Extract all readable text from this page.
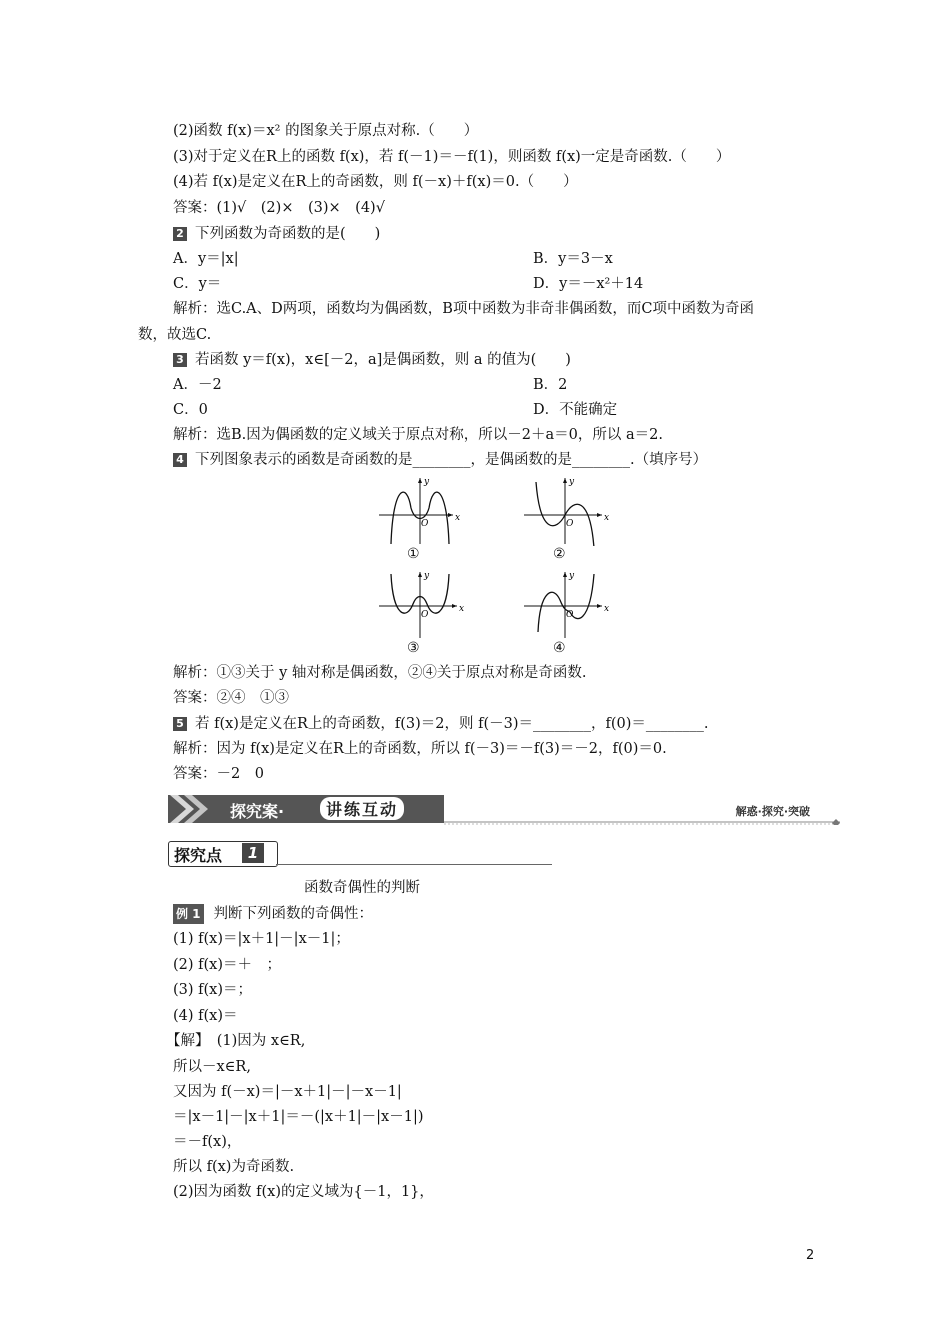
(2)函数 f(x)＝x² 的图象关于原点对称.（　　）
(3)对于定义在R上的函数 f(x)，若 f(－1)＝－f(1)，则函数 f(x)一定是奇函数.（　　）
(4)若 f(x)是定义在R上的奇函数，则 f(－x)＋f(x)＝0.（　　）
答案：(1)√　(2)×　(3)×　(4)√
2 下列函数为奇函数的是(　　)
A．y＝|x|	B．y＝3－x
C．y＝	D．y＝－x²＋14
解析：选C.A、D两项，函数均为偶函数，B项中函数为非奇非偶函数，而C项中函数为奇函
数，故选C.
3 若函数 y＝f(x)，x∈[－2，a]是偶函数，则 a 的值为(　　)
A．－2	B．2
C．0	D．不能确定
解析：选B.因为偶函数的定义域关于原点对称，所以－2＋a＝0，所以 a＝2.
4 下列图象表示的函数是奇函数的是________，是偶函数的是________.（填序号）
y
x
O
①
y
x
O
②
y
x
O
③
y
x
O
④
解析：①③关于 y 轴对称是偶函数，②④关于原点对称是奇函数.
答案：②④　①③
5 若 f(x)是定义在R上的奇函数，f(3)＝2，则 f(－3)＝________，f(0)＝________.
解析：因为 f(x)是定义在R上的奇函数，所以 f(－3)＝－f(3)＝－2，f(0)＝0.
答案：－2　0
探究案·	讲练互动	解惑·探究·突破
探究点	1
函数奇偶性的判断
例 1 判断下列函数的奇偶性：
(1) f(x)＝|x＋1|－|x－1|；
(2) f(x)＝＋　；
(3) f(x)＝；
(4) f(x)＝
【解】　(1)因为 x∈R,
所以－x∈R,
又因为 f(－x)＝|－x＋1|－|－x－1|
＝|x－1|－|x＋1|＝－(|x＋1|－|x－1|)
＝－f(x)，
所以 f(x)为奇函数.
(2)因为函数 f(x)的定义域为{－1，1}，
2
